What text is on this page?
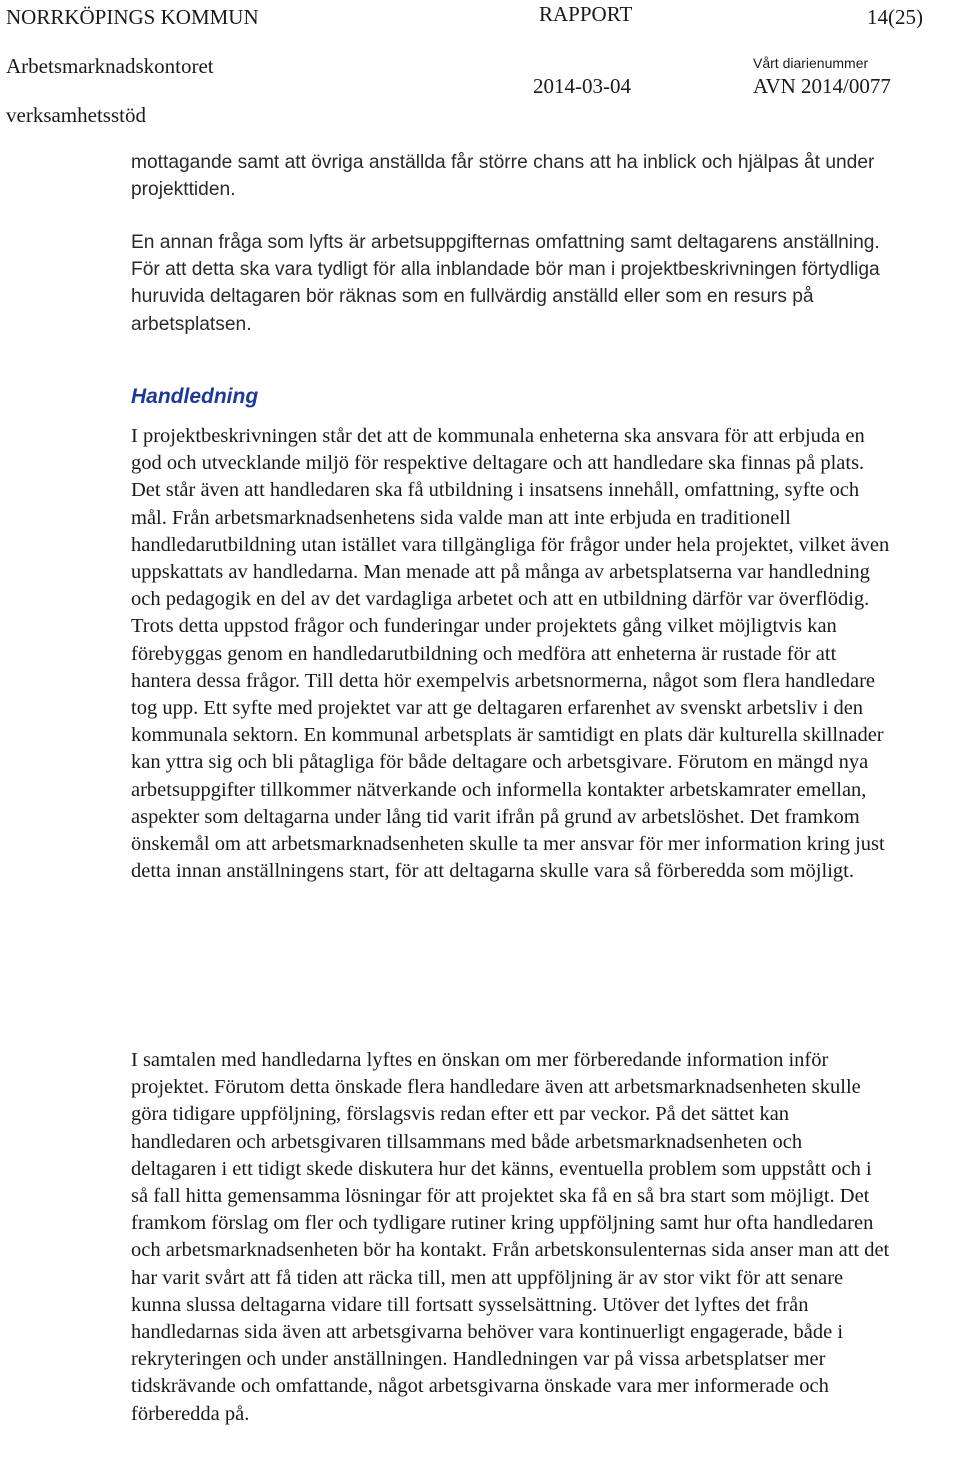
NORRKÖPINGS KOMMUN	RAPPORT	14(25)
Arbetsmarknadskontoret	Vårt diarienummer
2014-03-04	AVN 2014/0077
verksamhetsstöd

mottagande samt att övriga anställda får större chans att ha inblick och hjälpas åt under projekttiden.

En annan fråga som lyfts är arbetsuppgifternas omfattning samt deltagarens anställning. För att detta ska vara tydligt för alla inblandade bör man i projektbeskrivningen förtydliga huruvida deltagaren bör räknas som en fullvärdig anställd eller som en resurs på arbetsplatsen.

Handledning

I projektbeskrivningen står det att de kommunala enheterna ska ansvara för att erbjuda en god och utvecklande miljö för respektive deltagare och att handledare ska finnas på plats. Det står även att handledaren ska få utbildning i insatsens innehåll, omfattning, syfte och mål. Från arbetsmarknadsenhetens sida valde man att inte erbjuda en traditionell handledarutbildning utan istället vara tillgängliga för frågor under hela projektet, vilket även uppskattats av handledarna. Man menade att på många av arbetsplatserna var handledning och pedagogik en del av det vardagliga arbetet och att en utbildning därför var överflödig. Trots detta uppstod frågor och funderingar under projektets gång vilket möjligtvis kan förebyggas genom en handledarutbildning och medföra att enheterna är rustade för att hantera dessa frågor. Till detta hör exempelvis arbetsnormerna, något som flera handledare tog upp. Ett syfte med projektet var att ge deltagaren erfarenhet av svenskt arbetsliv i den kommunala sektorn. En kommunal arbetsplats är samtidigt en plats där kulturella skillnader kan yttra sig och bli påtagliga för både deltagare och arbetsgivare. Förutom en mängd nya arbetsuppgifter tillkommer nätverkande och informella kontakter arbetskamrater emellan, aspekter som deltagarna under lång tid varit ifrån på grund av arbetslöshet. Det framkom önskemål om att arbetsmarknadsenheten skulle ta mer ansvar för mer information kring just detta innan anställningens start, för att deltagarna skulle vara så förberedda som möjligt.

I samtalen med handledarna lyftes en önskan om mer förberedande information inför projektet. Förutom detta önskade flera handledare även att arbetsmarknadsenheten skulle göra tidigare uppföljning, förslagsvis redan efter ett par veckor. På det sättet kan handledaren och arbetsgivaren tillsammans med både arbetsmarknadsenheten och deltagaren i ett tidigt skede diskutera hur det känns, eventuella problem som uppstått och i så fall hitta gemensamma lösningar för att projektet ska få en så bra start som möjligt. Det framkom förslag om fler och tydligare rutiner kring uppföljning samt hur ofta handledaren och arbetsmarknadsenheten bör ha kontakt. Från arbetskonsulenternas sida anser man att det har varit svårt att få tiden att räcka till, men att uppföljning är av stor vikt för att senare kunna slussa deltagarna vidare till fortsatt sysselsättning. Utöver det lyftes det från handledarnas sida även att arbetsgivarna behöver vara kontinuerligt engagerade, både i rekryteringen och under anställningen. Handledningen var på vissa arbetsplatser mer tidskrävande och omfattande, något arbetsgivarna önskade vara mer informerade och förberedda på.
